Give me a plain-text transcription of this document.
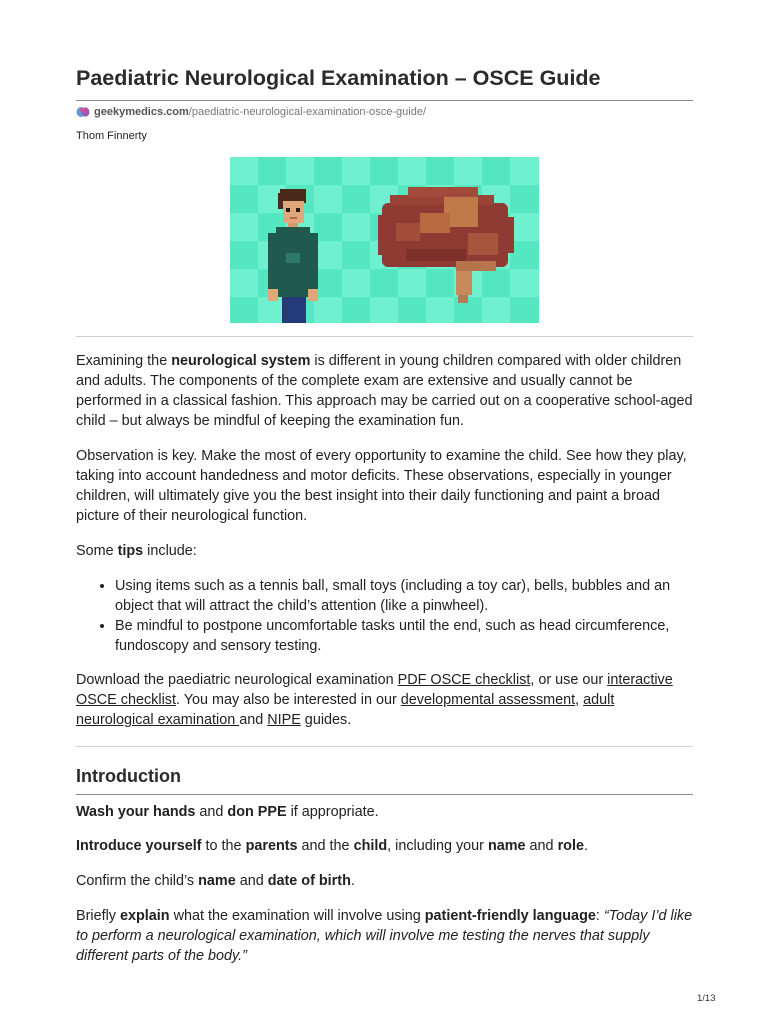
Paediatric Neurological Examination – OSCE Guide
geekymedics.com /paediatric-neurological-examination-osce-guide/
Thom Finnerty

Examining the neurological system is different in young children compared with older children and adults. The components of the complete exam are extensive and usually cannot be performed in a classical fashion. This approach may be carried out on a cooperative school-aged child – but always be mindful of keeping the examination fun.

Observation is key. Make the most of every opportunity to examine the child. See how they play, taking into account handedness and motor deficits. These observations, especially in younger children, will ultimately give you the best insight into their daily functioning and paint a broad picture of their neurological function.

Some tips include:

• Using items such as a tennis ball, small toys (including a toy car), bells, bubbles and an object that will attract the child’s attention (like a pinwheel).
• Be mindful to postpone uncomfortable tasks until the end, such as head circumference, fundoscopy and sensory testing.

Download the paediatric neurological examination PDF OSCE checklist, or use our interactive OSCE checklist. You may also be interested in our developmental assessment, adult neurological examination and NIPE guides.

Introduction

Wash your hands and don PPE if appropriate.

Introduce yourself to the parents and the child, including your name and role.

Confirm the child’s name and date of birth.

Briefly explain what the examination will involve using patient-friendly language: “Today I’d like to perform a neurological examination, which will involve me testing the nerves that supply different parts of the body.”

1/13
